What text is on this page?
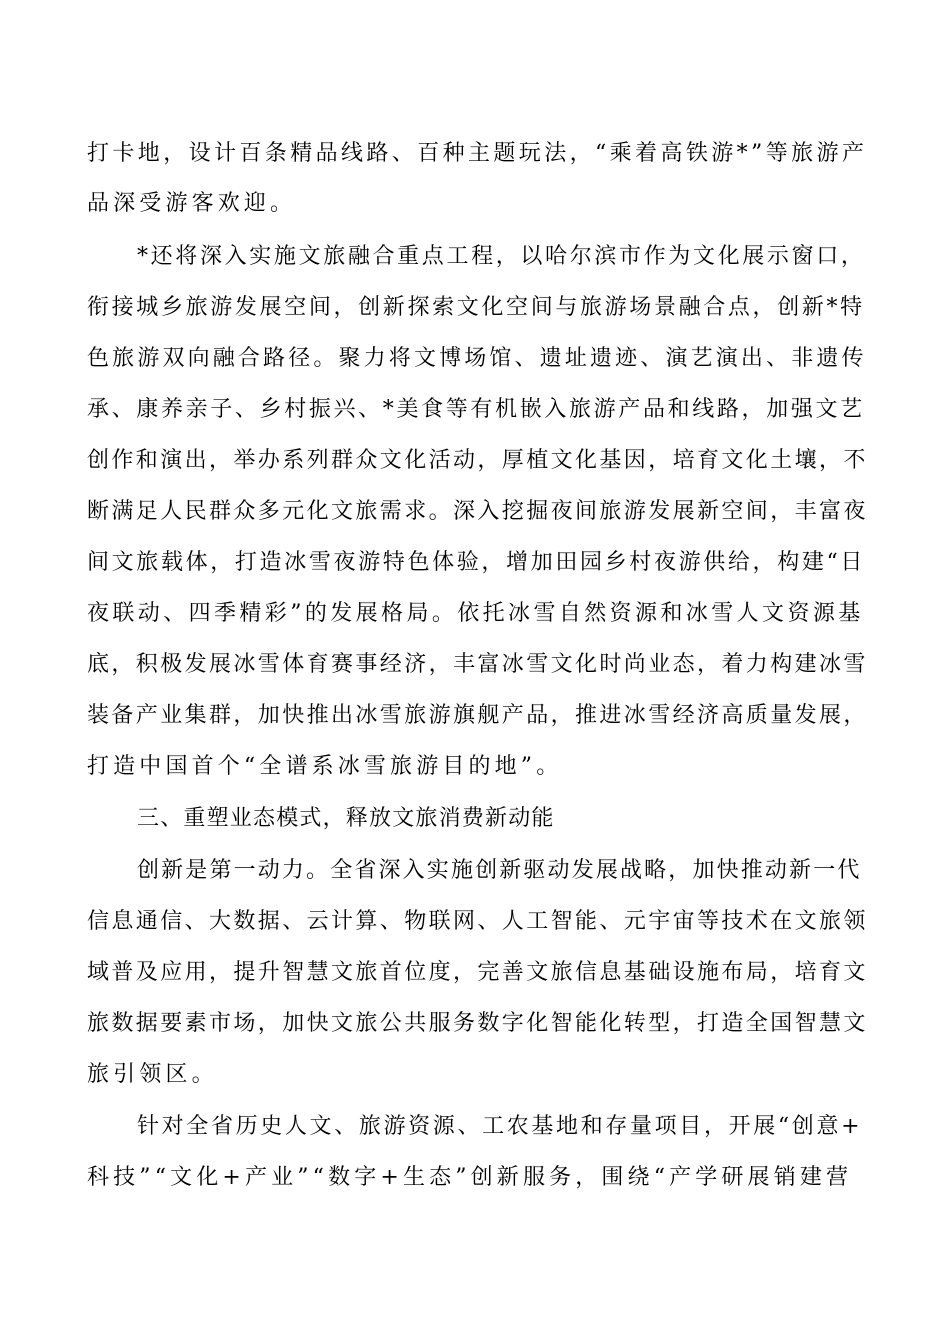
打卡地，设计百条精品线路、百种主题玩法，“乘着高铁游*”等旅游产
品深受游客欢迎。
*还将深入实施文旅融合重点工程，以哈尔滨市作为文化展示窗口，
衔接城乡旅游发展空间，创新探索文化空间与旅游场景融合点，创新*特
色旅游双向融合路径。聚力将文博场馆、遗址遗迹、演艺演出、非遗传
承、康养亲子、乡村振兴、*美食等有机嵌入旅游产品和线路，加强文艺
创作和演出，举办系列群众文化活动，厚植文化基因，培育文化土壤，不
断满足人民群众多元化文旅需求。深入挖掘夜间旅游发展新空间，丰富夜
间文旅载体，打造冰雪夜游特色体验，增加田园乡村夜游供给，构建“日
夜联动、四季精彩”的发展格局。依托冰雪自然资源和冰雪人文资源基
底，积极发展冰雪体育赛事经济，丰富冰雪文化时尚业态，着力构建冰雪
装备产业集群，加快推出冰雪旅游旗舰产品，推进冰雪经济高质量发展，
打造中国首个“全谱系冰雪旅游目的地”。
三、重塑业态模式，释放文旅消费新动能
创新是第一动力。全省深入实施创新驱动发展战略，加快推动新一代
信息通信、大数据、云计算、物联网、人工智能、元宇宙等技术在文旅领
域普及应用，提升智慧文旅首位度，完善文旅信息基础设施布局，培育文
旅数据要素市场，加快文旅公共服务数字化智能化转型，打造全国智慧文
旅引领区。
针对全省历史人文、旅游资源、工农基地和存量项目，开展“创意+
科技”“文化+产业”“数字+生态”创新服务，围绕“产学研展销建营
